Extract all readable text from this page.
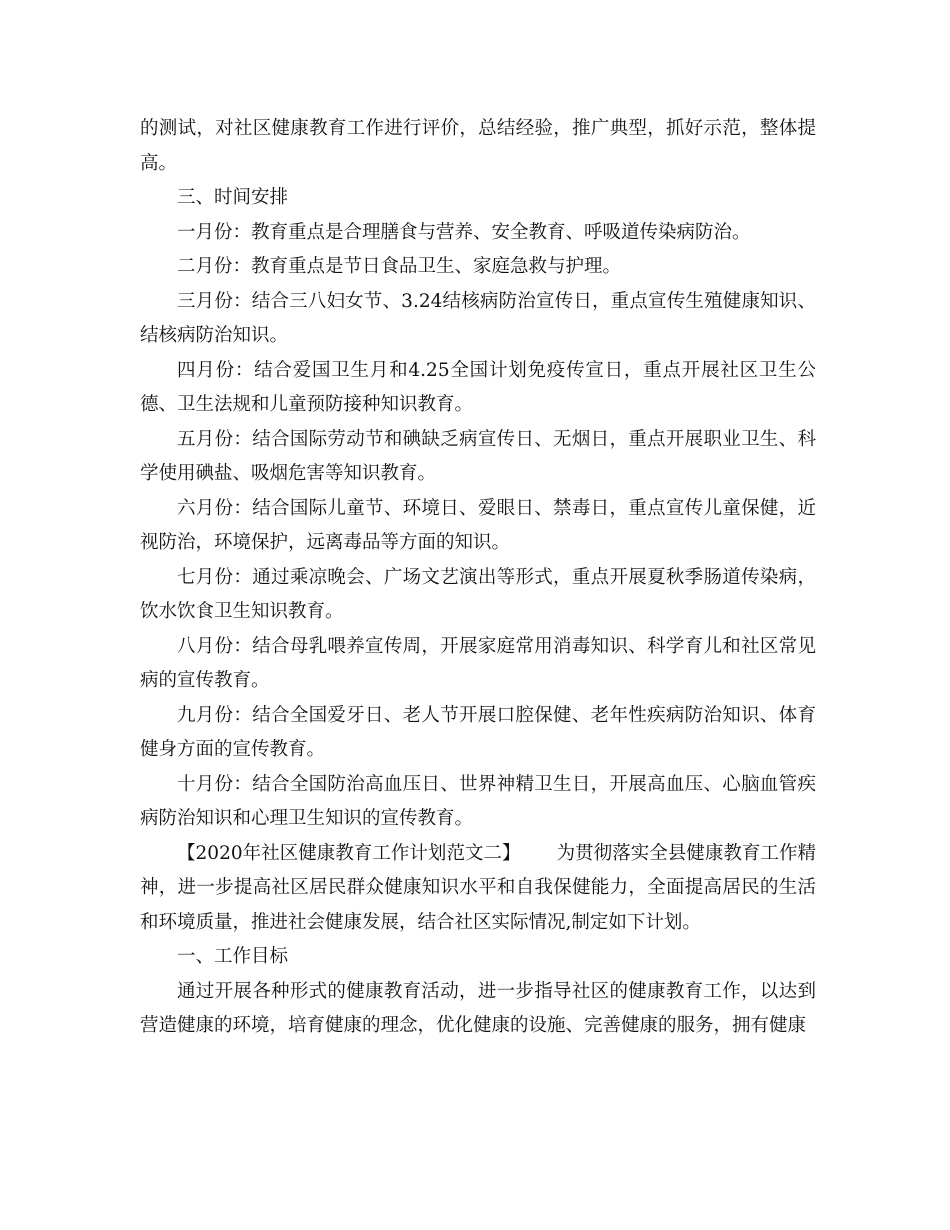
的测试，对社区健康教育工作进行评价，总结经验，推广典型，抓好示范，整体提高。

三、时间安排

一月份：教育重点是合理膳食与营养、安全教育、呼吸道传染病防治。

二月份：教育重点是节日食品卫生、家庭急救与护理。

三月份：结合三八妇女节、3.24结核病防治宣传日，重点宣传生殖健康知识、结核病防治知识。

四月份：结合爱国卫生月和4.25全国计划免疫传宣日，重点开展社区卫生公德、卫生法规和儿童预防接种知识教育。

五月份：结合国际劳动节和碘缺乏病宣传日、无烟日，重点开展职业卫生、科学使用碘盐、吸烟危害等知识教育。

六月份：结合国际儿童节、环境日、爱眼日、禁毒日，重点宣传儿童保健，近视防治，环境保护，远离毒品等方面的知识。

七月份：通过乘凉晚会、广场文艺演出等形式，重点开展夏秋季肠道传染病，饮水饮食卫生知识教育。

八月份：结合母乳喂养宣传周，开展家庭常用消毒知识、科学育儿和社区常见病的宣传教育。

九月份：结合全国爱牙日、老人节开展口腔保健、老年性疾病防治知识、体育健身方面的宣传教育。

十月份：结合全国防治高血压日、世界神精卫生日，开展高血压、心脑血管疾病防治知识和心理卫生知识的宣传教育。

【2020年社区健康教育工作计划范文二】 为贯彻落实全县健康教育工作精神，进一步提高社区居民群众健康知识水平和自我保健能力，全面提高居民的生活和环境质量，推进社会健康发展，结合社区实际情况,制定如下计划。

一、工作目标

通过开展各种形式的健康教育活动，进一步指导社区的健康教育工作，以达到营造健康的环境，培育健康的理念，优化健康的设施、完善健康的服务，拥有健康
